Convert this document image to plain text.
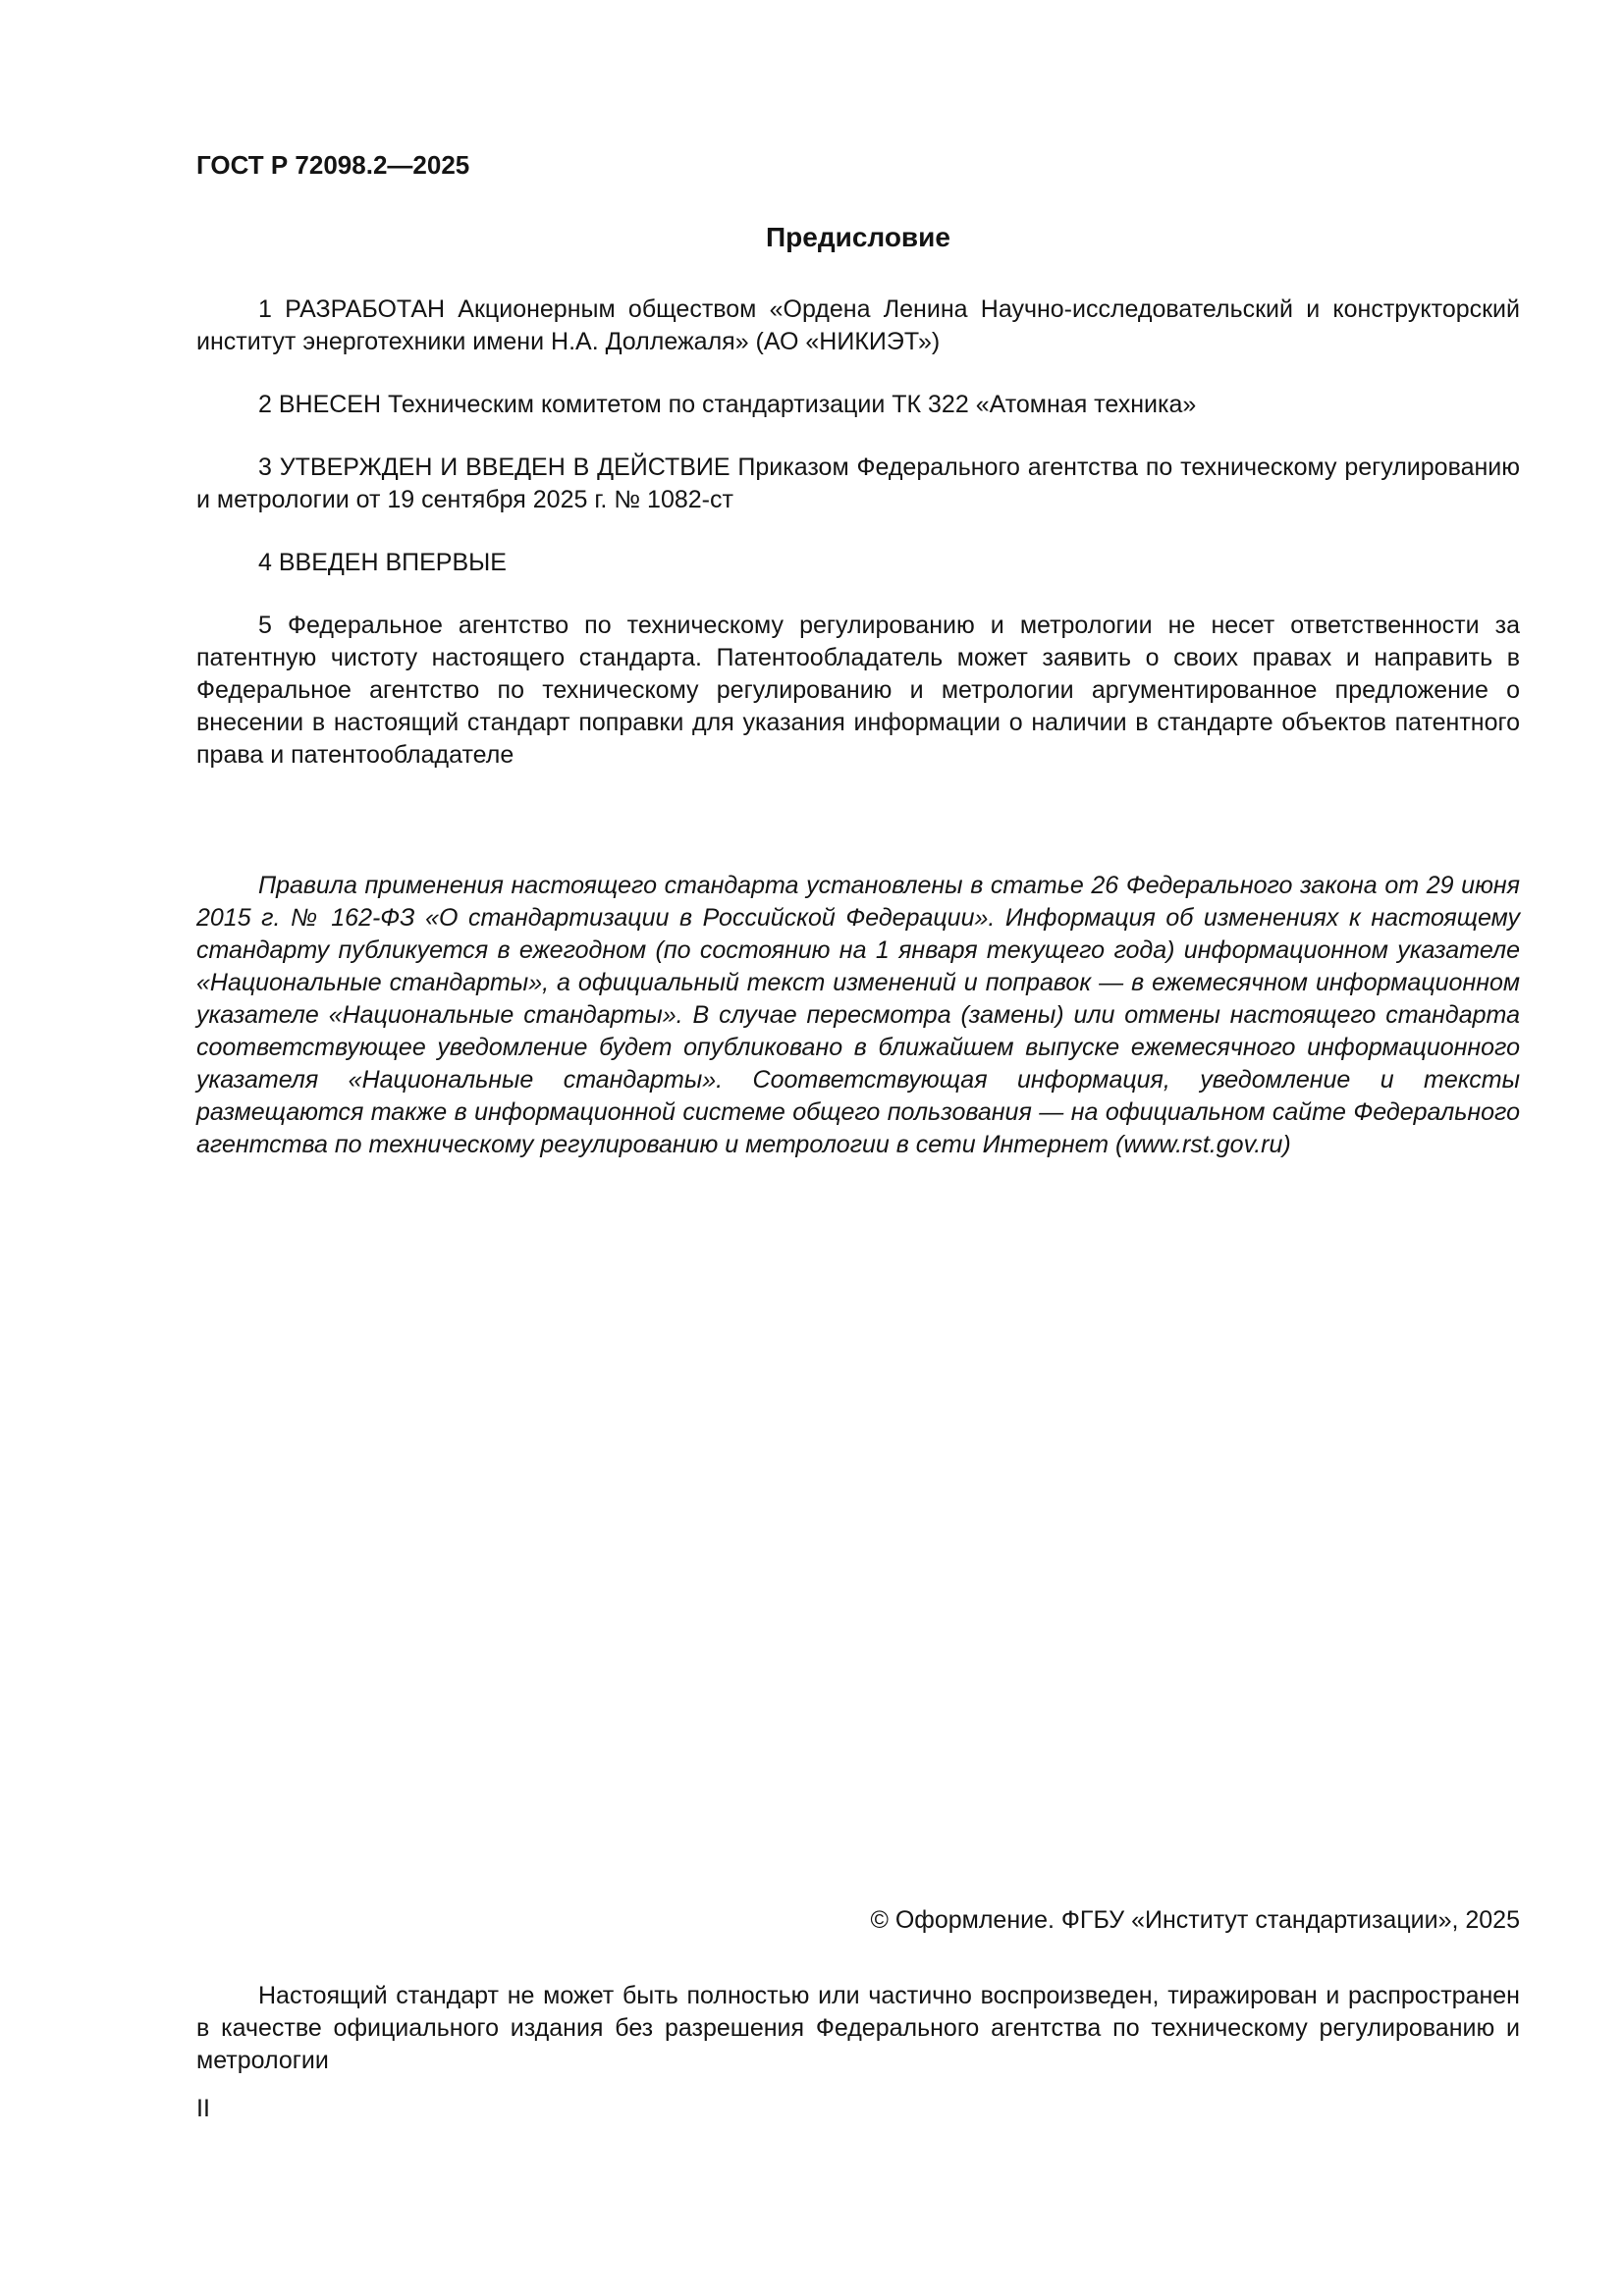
ГОСТ Р 72098.2—2025
Предисловие

1 РАЗРАБОТАН Акционерным обществом «Ордена Ленина Научно-исследовательский и конструкторский институт энерготехники имени Н.А. Доллежаля» (АО «НИКИЭТ»)

2 ВНЕСЕН Техническим комитетом по стандартизации ТК 322 «Атомная техника»

3 УТВЕРЖДЕН И ВВЕДЕН В ДЕЙСТВИЕ Приказом Федерального агентства по техническому регулированию и метрологии от 19 сентября 2025 г. № 1082-ст

4 ВВЕДЕН ВПЕРВЫЕ

5 Федеральное агентство по техническому регулированию и метрологии не несет ответственности за патентную чистоту настоящего стандарта. Патентообладатель может заявить о своих правах и направить в Федеральное агентство по техническому регулированию и метрологии аргументированное предложение о внесении в настоящий стандарт поправки для указания информации о наличии в стандарте объектов патентного права и патентообладателе

Правила применения настоящего стандарта установлены в статье 26 Федерального закона от 29 июня 2015 г. № 162-ФЗ «О стандартизации в Российской Федерации». Информация об изменениях к настоящему стандарту публикуется в ежегодном (по состоянию на 1 января текущего года) информационном указателе «Национальные стандарты», а официальный текст изменений и поправок — в ежемесячном информационном указателе «Национальные стандарты». В случае пересмотра (замены) или отмены настоящего стандарта соответствующее уведомление будет опубликовано в ближайшем выпуске ежемесячного информационного указателя «Национальные стандарты». Соответствующая информация, уведомление и тексты размещаются также в информационной системе общего пользования — на официальном сайте Федерального агентства по техническому регулированию и метрологии в сети Интернет (www.rst.gov.ru)

© Оформление. ФГБУ «Институт стандартизации», 2025

Настоящий стандарт не может быть полностью или частично воспроизведен, тиражирован и распространен в качестве официального издания без разрешения Федерального агентства по техническому регулированию и метрологии

II
